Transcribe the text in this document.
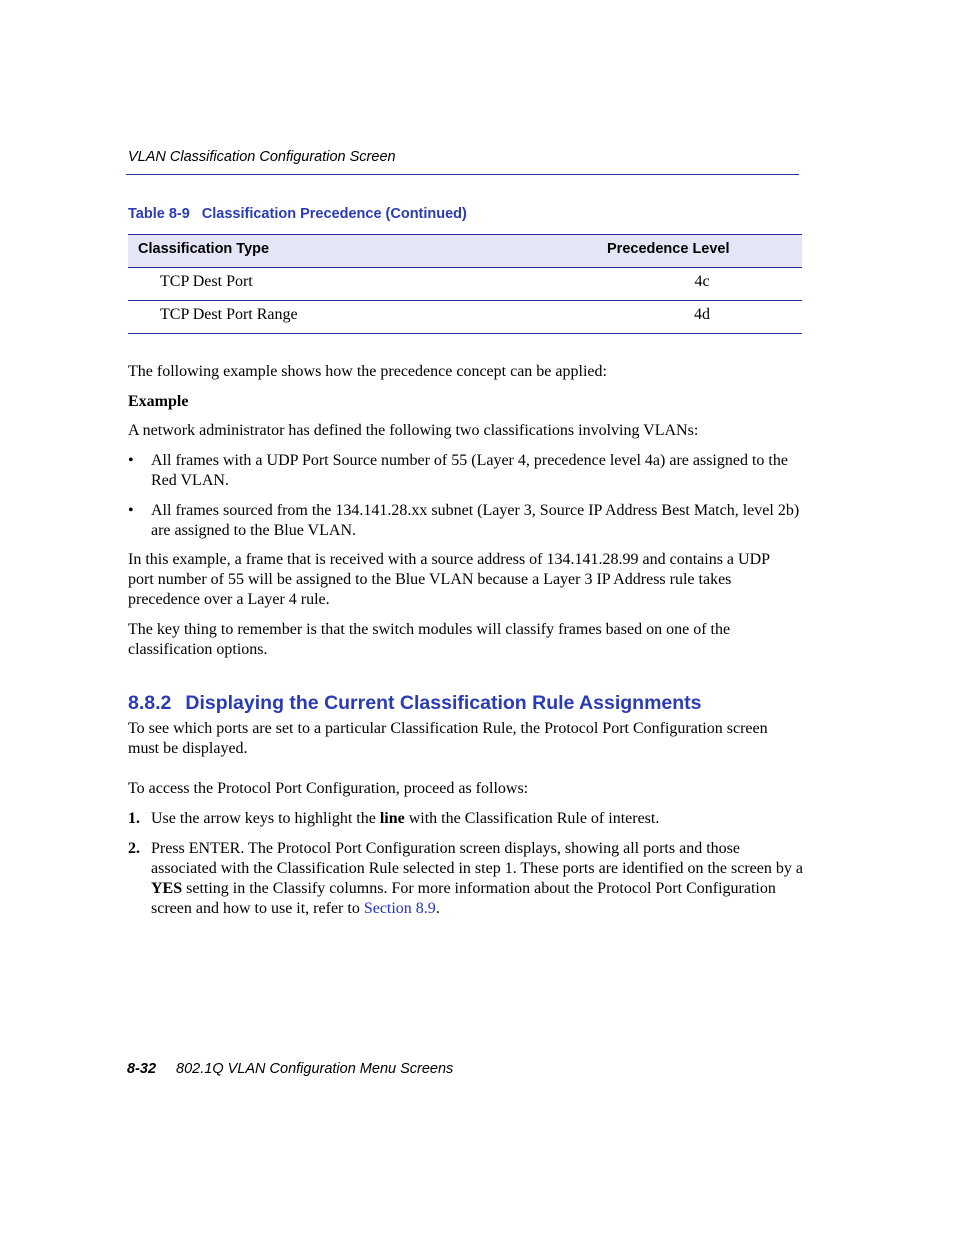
VLAN Classification Configuration Screen
Table 8-9 Classification Precedence (Continued)
Classification Type	Precedence Level
TCP Dest Port	4c
TCP Dest Port Range	4d
The following example shows how the precedence concept can be applied:
Example
A network administrator has defined the following two classifications involving VLANs:
• All frames with a UDP Port Source number of 55 (Layer 4, precedence level 4a) are assigned to the Red VLAN.
• All frames sourced from the 134.141.28.xx subnet (Layer 3, Source IP Address Best Match, level 2b) are assigned to the Blue VLAN.
In this example, a frame that is received with a source address of 134.141.28.99 and contains a UDP port number of 55 will be assigned to the Blue VLAN because a Layer 3 IP Address rule takes precedence over a Layer 4 rule.
The key thing to remember is that the switch modules will classify frames based on one of the classification options.
8.8.2 Displaying the Current Classification Rule Assignments
To see which ports are set to a particular Classification Rule, the Protocol Port Configuration screen must be displayed.
To access the Protocol Port Configuration, proceed as follows:
1. Use the arrow keys to highlight the line with the Classification Rule of interest.
2. Press ENTER. The Protocol Port Configuration screen displays, showing all ports and those associated with the Classification Rule selected in step 1. These ports are identified on the screen by a YES setting in the Classify columns. For more information about the Protocol Port Configuration screen and how to use it, refer to Section 8.9.
8-32 802.1Q VLAN Configuration Menu Screens
